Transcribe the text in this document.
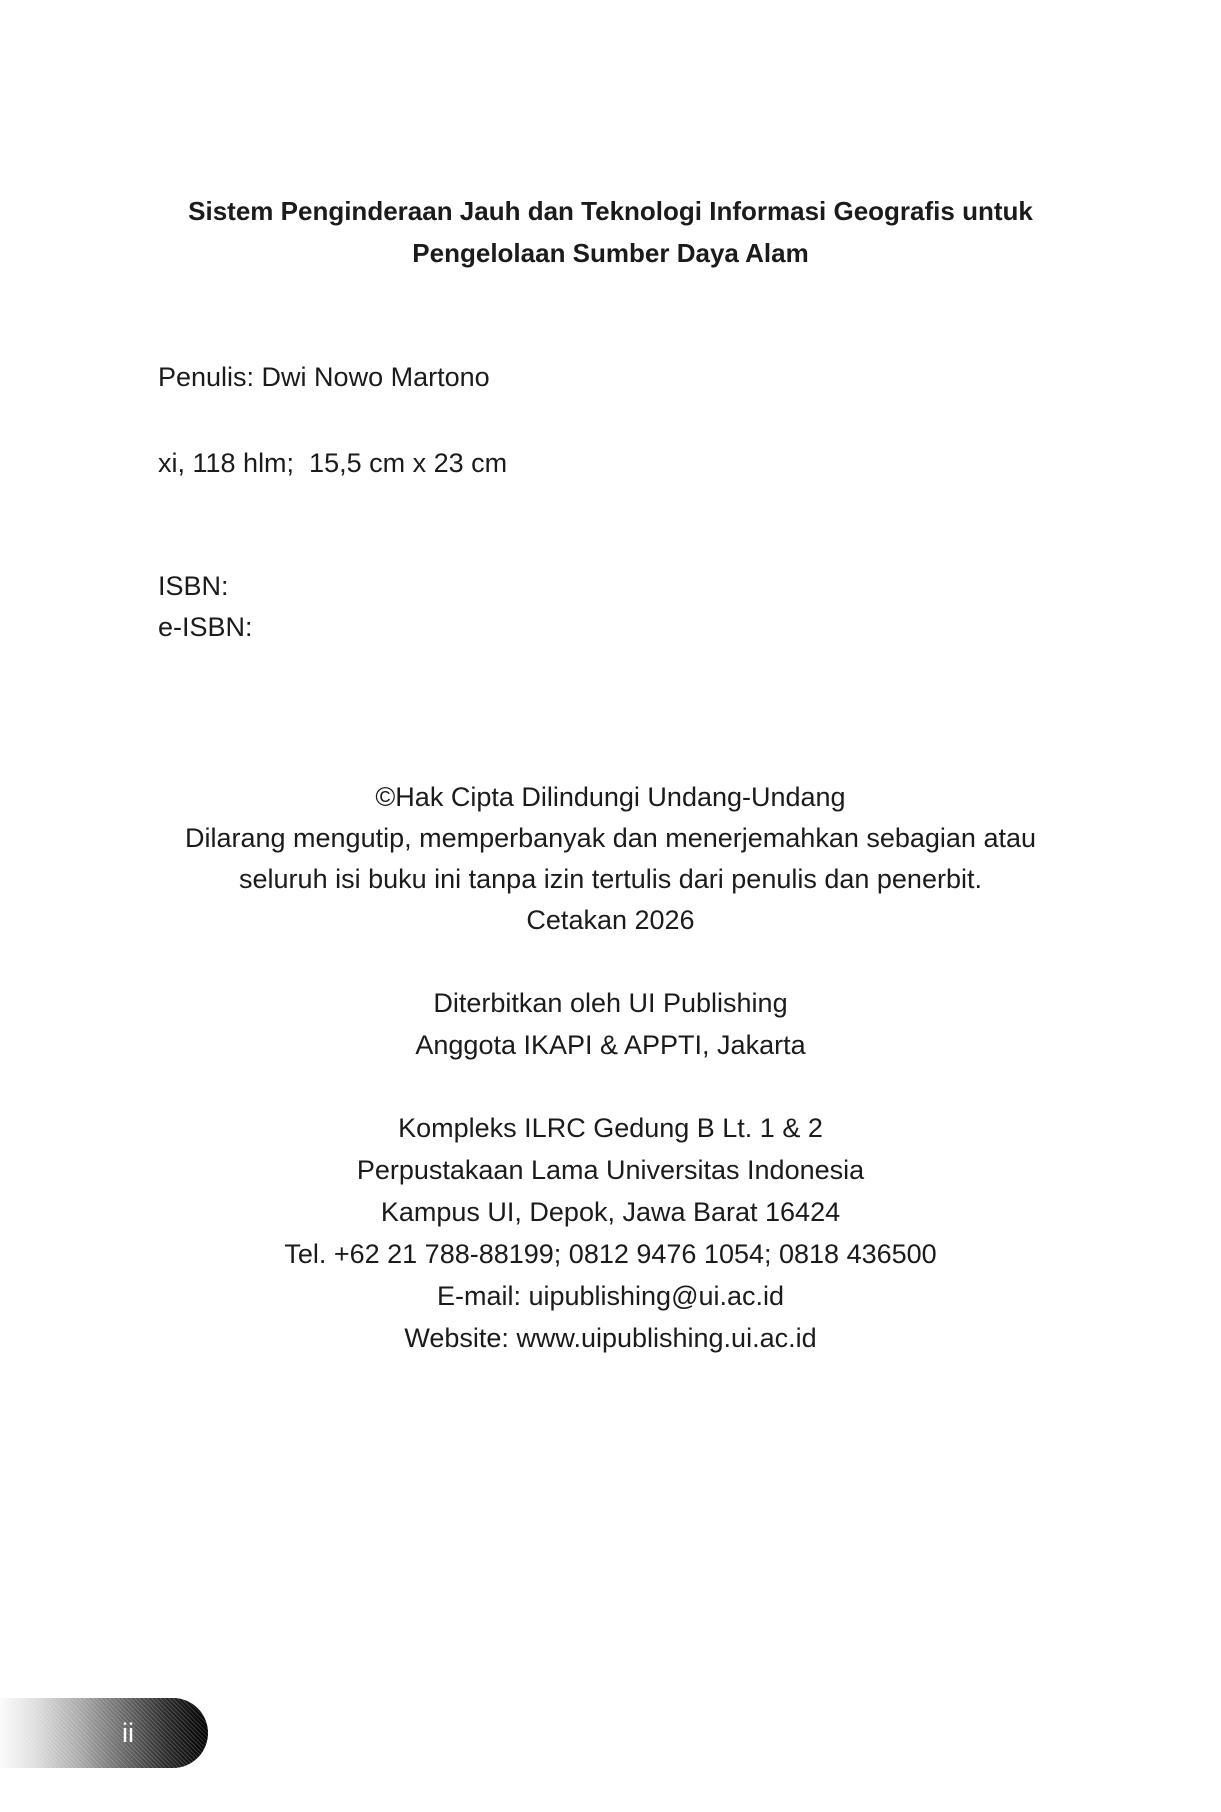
Sistem Penginderaan Jauh dan Teknologi Informasi Geografis untuk
Pengelolaan Sumber Daya Alam
Penulis: Dwi Nowo Martono
xi, 118 hlm;  15,5 cm x 23 cm
ISBN:
e-ISBN:
©Hak Cipta Dilindungi Undang-Undang
Dilarang mengutip, memperbanyak dan menerjemahkan sebagian atau
seluruh isi buku ini tanpa izin tertulis dari penulis dan penerbit.
Cetakan 2026
Diterbitkan oleh UI Publishing
Anggota IKAPI & APPTI, Jakarta
Kompleks ILRC Gedung B Lt. 1 & 2
Perpustakaan Lama Universitas Indonesia
Kampus UI, Depok, Jawa Barat 16424
Tel. +62 21 788-88199; 0812 9476 1054; 0818 436500
E-mail: uipublishing@ui.ac.id
Website: www.uipublishing.ui.ac.id
ii
